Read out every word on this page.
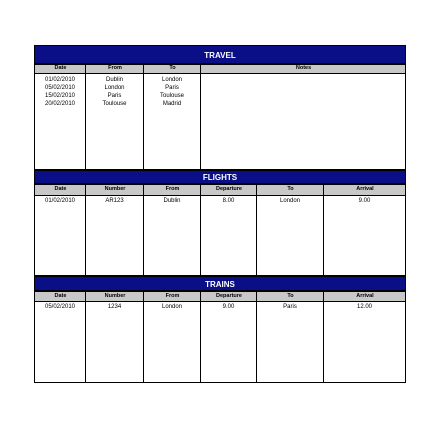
TRAVEL
Date	From	To	Notes
01/02/2010	Dublin	London
05/02/2010	London	Paris
15/02/2010	Paris	Toulouse
20/02/2010	Toulouse	Madrid
FLIGHTS
Date	Number	From	Departure	To	Arrival
01/02/2010	AR123	Dublin	8.00	London	9.00
TRAINS
Date	Number	From	Departure	To	Arrival
05/02/2010	1234	London	9.00	Paris	12.00
